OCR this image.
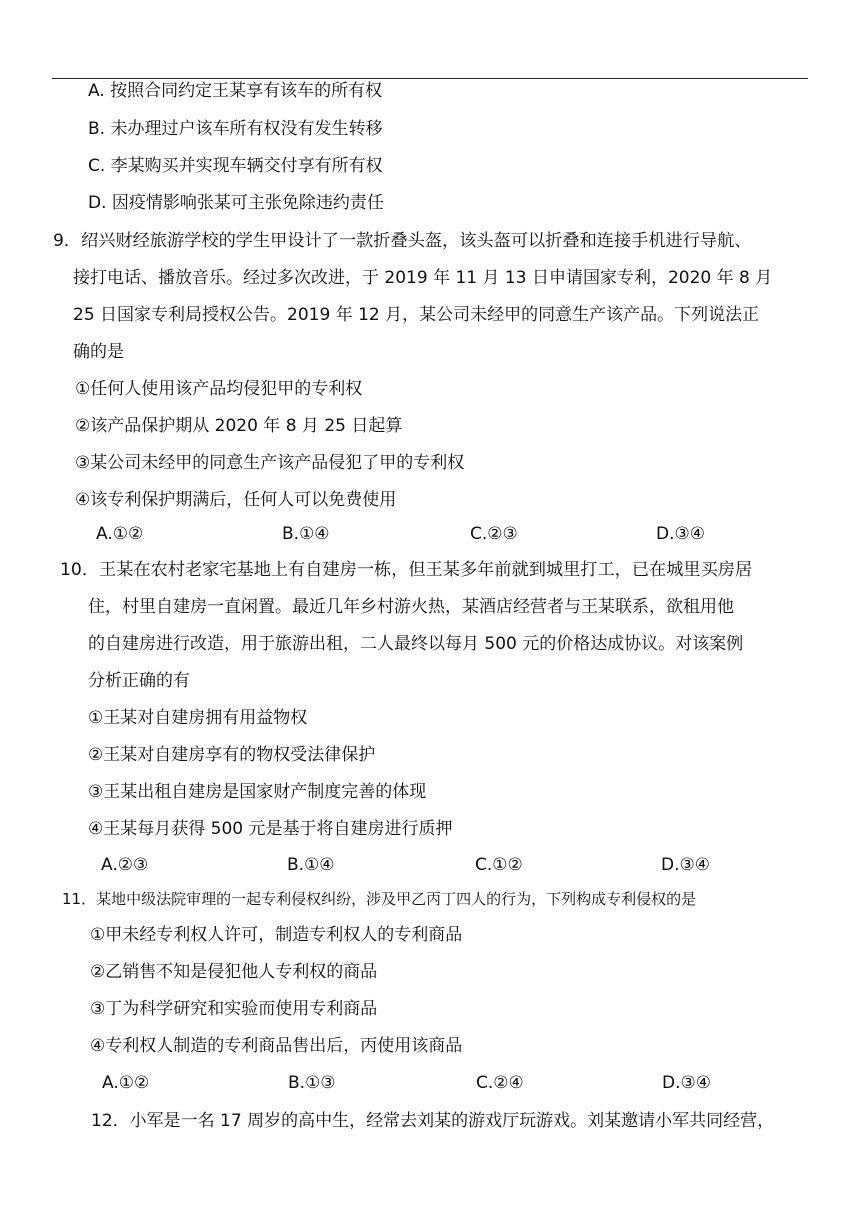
A. 按照合同约定王某享有该车的所有权
B. 未办理过户该车所有权没有发生转移
C. 李某购买并实现车辆交付享有所有权
D. 因疫情影响张某可主张免除违约责任
9．绍兴财经旅游学校的学生甲设计了一款折叠头盔，该头盔可以折叠和连接手机进行导航、
接打电话、播放音乐。经过多次改进，于 2019 年 11 月 13 日申请国家专利，2020 年 8 月
25 日国家专利局授权公告。2019 年 12 月，某公司未经甲的同意生产该产品。下列说法正
确的是
①任何人使用该产品均侵犯甲的专利权
②该产品保护期从 2020 年 8 月 25 日起算
③某公司未经甲的同意生产该产品侵犯了甲的专利权
④该专利保护期满后，任何人可以免费使用
A.①②	B.①④	C.②③	D.③④
10．王某在农村老家宅基地上有自建房一栋，但王某多年前就到城里打工，已在城里买房居
住，村里自建房一直闲置。最近几年乡村游火热，某酒店经营者与王某联系，欲租用他
的自建房进行改造，用于旅游出租，二人最终以每月 500 元的价格达成协议。对该案例
分析正确的有
①王某对自建房拥有用益物权
②王某对自建房享有的物权受法律保护
③王某出租自建房是国家财产制度完善的体现
④王某每月获得 500 元是基于将自建房进行质押
A.②③	B.①④	C.①②	D.③④
11．某地中级法院审理的一起专利侵权纠纷，涉及甲乙丙丁四人的行为，下列构成专利侵权的是
①甲未经专利权人许可，制造专利权人的专利商品
②乙销售不知是侵犯他人专利权的商品
③丁为科学研究和实验而使用专利商品
④专利权人制造的专利商品售出后，丙使用该商品
A.①②	B.①③	C.②④	D.③④
12．小军是一名 17 周岁的高中生，经常去刘某的游戏厅玩游戏。刘某邀请小军共同经营，
